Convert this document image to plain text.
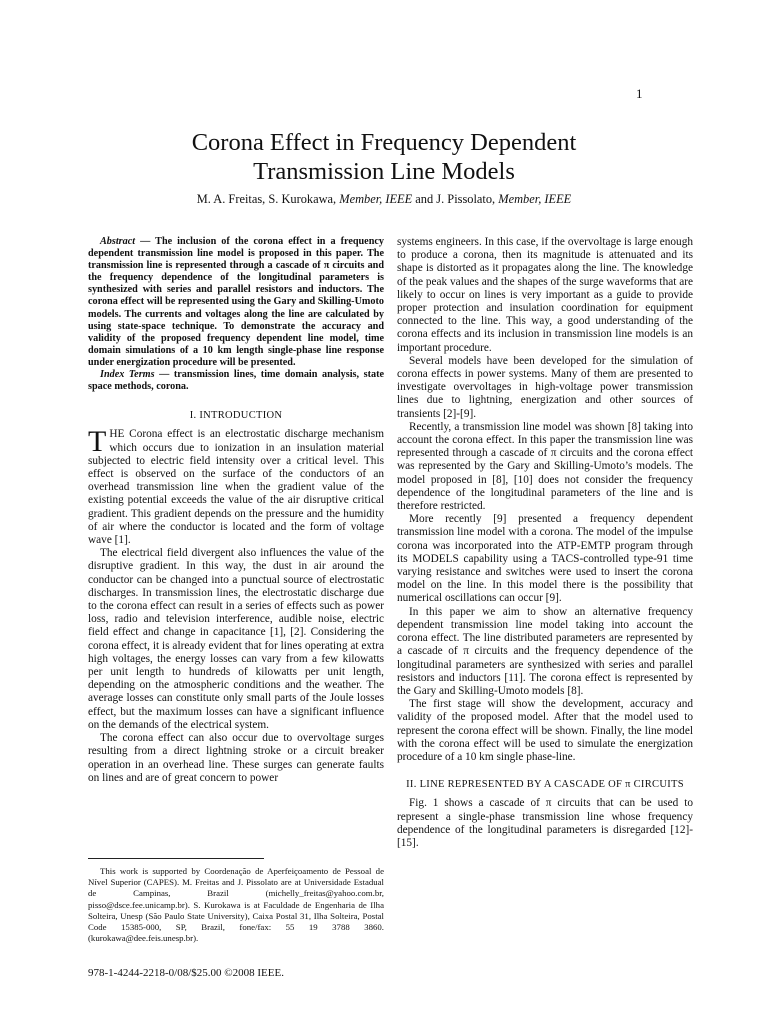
1
Corona Effect in Frequency Dependent
Transmission Line Models
M. A. Freitas, S. Kurokawa, Member, IEEE and J. Pissolato, Member, IEEE

Abstract — The inclusion of the corona effect in a frequency dependent transmission line model is proposed in this paper. The transmission line is represented through a cascade of π circuits and the frequency dependence of the longitudinal parameters is synthesized with series and parallel resistors and inductors. The corona effect will be represented using the Gary and Skilling-Umoto models. The currents and voltages along the line are calculated by using state-space technique. To demonstrate the accuracy and validity of the proposed frequency dependent line model, time domain simulations of a 10 km length single-phase line response under energization procedure will be presented.

Index Terms — transmission lines, time domain analysis, state space methods, corona.

I. INTRODUCTION

THE Corona effect is an electrostatic discharge mechanism which occurs due to ionization in an insulation material subjected to electric field intensity over a critical level. This effect is observed on the surface of the conductors of an overhead transmission line when the gradient value of the existing potential exceeds the value of the air disruptive critical gradient. This gradient depends on the pressure and the humidity of air where the conductor is located and the form of voltage wave [1].

The electrical field divergent also influences the value of the disruptive gradient. In this way, the dust in air around the conductor can be changed into a punctual source of electrostatic discharges. In transmission lines, the electrostatic discharge due to the corona effect can result in a series of effects such as power loss, radio and television interference, audible noise, electric field effect and change in capacitance [1], [2]. Considering the corona effect, it is already evident that for lines operating at extra high voltages, the energy losses can vary from a few kilowatts per unit length to hundreds of kilowatts per unit length, depending on the atmospheric conditions and the weather. The average losses can constitute only small parts of the Joule losses effect, but the maximum losses can have a significant influence on the demands of the electrical system.

The corona effect can also occur due to overvoltage surges resulting from a direct lightning stroke or a circuit breaker operation in an overhead line. These surges can generate faults on lines and are of great concern to power

systems engineers. In this case, if the overvoltage is large enough to produce a corona, then its magnitude is attenuated and its shape is distorted as it propagates along the line. The knowledge of the peak values and the shapes of the surge waveforms that are likely to occur on lines is very important as a guide to provide proper protection and insulation coordination for equipment connected to the line. This way, a good understanding of the corona effects and its inclusion in transmission line models is an important procedure.

Several models have been developed for the simulation of corona effects in power systems. Many of them are presented to investigate overvoltages in high-voltage power transmission lines due to lightning, energization and other sources of transients [2]-[9].

Recently, a transmission line model was shown [8] taking into account the corona effect. In this paper the transmission line was represented through a cascade of π circuits and the corona effect was represented by the Gary and Skilling-Umoto’s models. The model proposed in [8], [10] does not consider the frequency dependence of the longitudinal parameters of the line and is therefore restricted.

More recently [9] presented a frequency dependent transmission line model with a corona. The model of the impulse corona was incorporated into the ATP-EMTP program through its MODELS capability using a TACS-controlled type-91 time varying resistance and switches were used to insert the corona model on the line. In this model there is the possibility that numerical oscillations can occur [9].

In this paper we aim to show an alternative frequency dependent transmission line model taking into account the corona effect. The line distributed parameters are represented by a cascade of π circuits and the frequency dependence of the longitudinal parameters are synthesized with series and parallel resistors and inductors [11]. The corona effect is represented by the Gary and Skilling-Umoto models [8].

The first stage will show the development, accuracy and validity of the proposed model. After that the model used to represent the corona effect will be shown. Finally, the line model with the corona effect will be used to simulate the energization procedure of a 10 km single phase-line.

II. LINE REPRESENTED BY A CASCADE OF π CIRCUITS

Fig. 1 shows a cascade of π circuits that can be used to represent a single-phase transmission line whose frequency dependence of the longitudinal parameters is disregarded [12]-[15].

This work is supported by Coordenação de Aperfeiçoamento de Pessoal de Nível Superior (CAPES). M. Freitas and J. Pissolato are at Universidade Estadual de Campinas, Brazil (michelly_freitas@yahoo.com.br, pisso@dsce.fee.unicamp.br). S. Kurokawa is at Faculdade de Engenharia de Ilha Solteira, Unesp (São Paulo State University), Caixa Postal 31, Ilha Solteira, Postal Code 15385-000, SP, Brazil, fone/fax: 55 19 3788 3860. (kurokawa@dee.feis.unesp.br).
978-1-4244-2218-0/08/$25.00 ©2008 IEEE.
